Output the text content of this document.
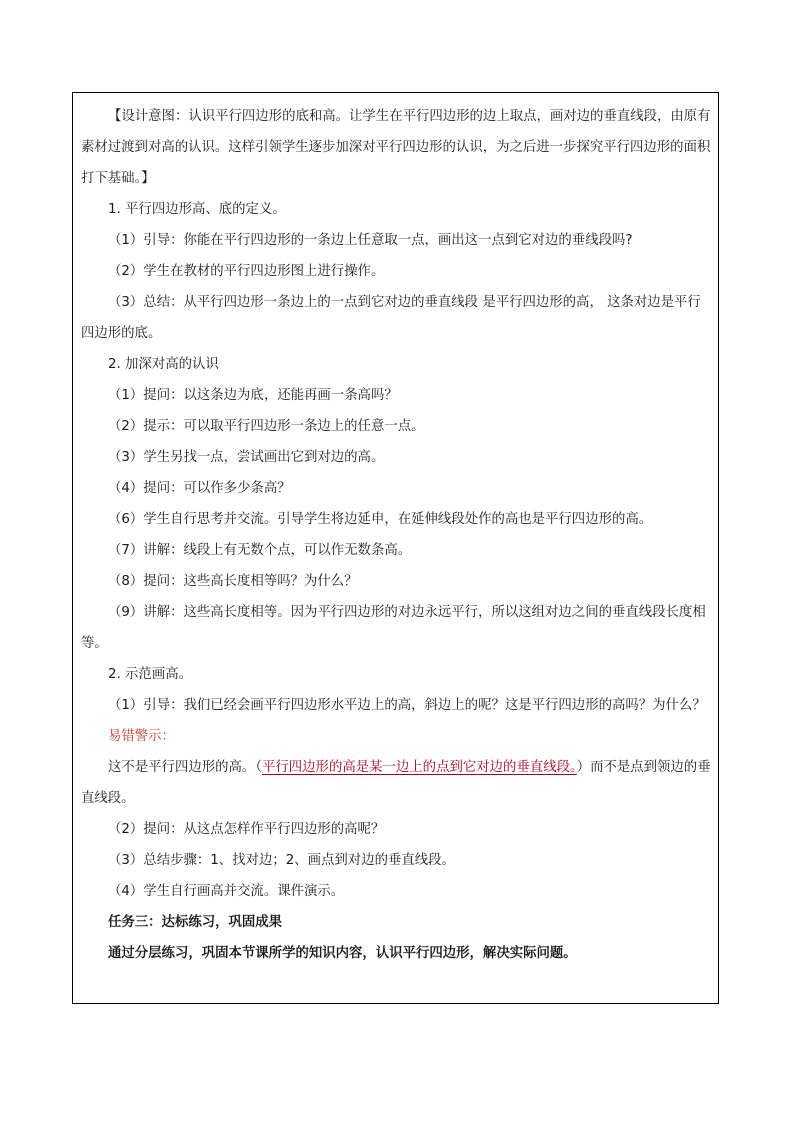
【设计意图：认识平行四边形的底和高。让学生在平行四边形的边上取点，画对边的垂直线段，由原有素材过渡到对高的认识。这样引领学生逐步加深对平行四边形的认识，为之后进一步探究平行四边形的面积打下基础。】

1. 平行四边形高、底的定义。

（1）引导：你能在平行四边形的一条边上任意取一点，画出这一点到它对边的垂线段吗?

（2）学生在教材的平行四边形图上进行操作。

（3）总结：从平行四边形一条边上的一点到它对边的垂直线段 是平行四边形的高， 这条对边是平行四边形的底。

2. 加深对高的认识

（1）提问：以这条边为底，还能再画一条高吗？

（2）提示：可以取平行四边形一条边上的任意一点。

（3）学生另找一点，尝试画出它到对边的高。

（4）提问：可以作多少条高？

（6）学生自行思考并交流。引导学生将边延申，在延伸线段处作的高也是平行四边形的高。

（7）讲解：线段上有无数个点，可以作无数条高。

（8）提问：这些高长度相等吗？为什么？

（9）讲解：这些高长度相等。因为平行四边形的对边永远平行，所以这组对边之间的垂直线段长度相等。

2. 示范画高。

（1）引导：我们已经会画平行四边形水平边上的高，斜边上的呢？这是平行四边形的高吗？为什么？

易错警示：

这不是平行四边形的高。（平行四边形的高是某一边上的点到它对边的垂直线段。）而不是点到领边的垂直线段。

（2）提问：从这点怎样作平行四边形的高呢？

（3）总结步骤：1、找对边；2、画点到对边的垂直线段。

（4）学生自行画高并交流。课件演示。

任务三：达标练习，巩固成果

通过分层练习，巩固本节课所学的知识内容，认识平行四边形，解决实际问题。
